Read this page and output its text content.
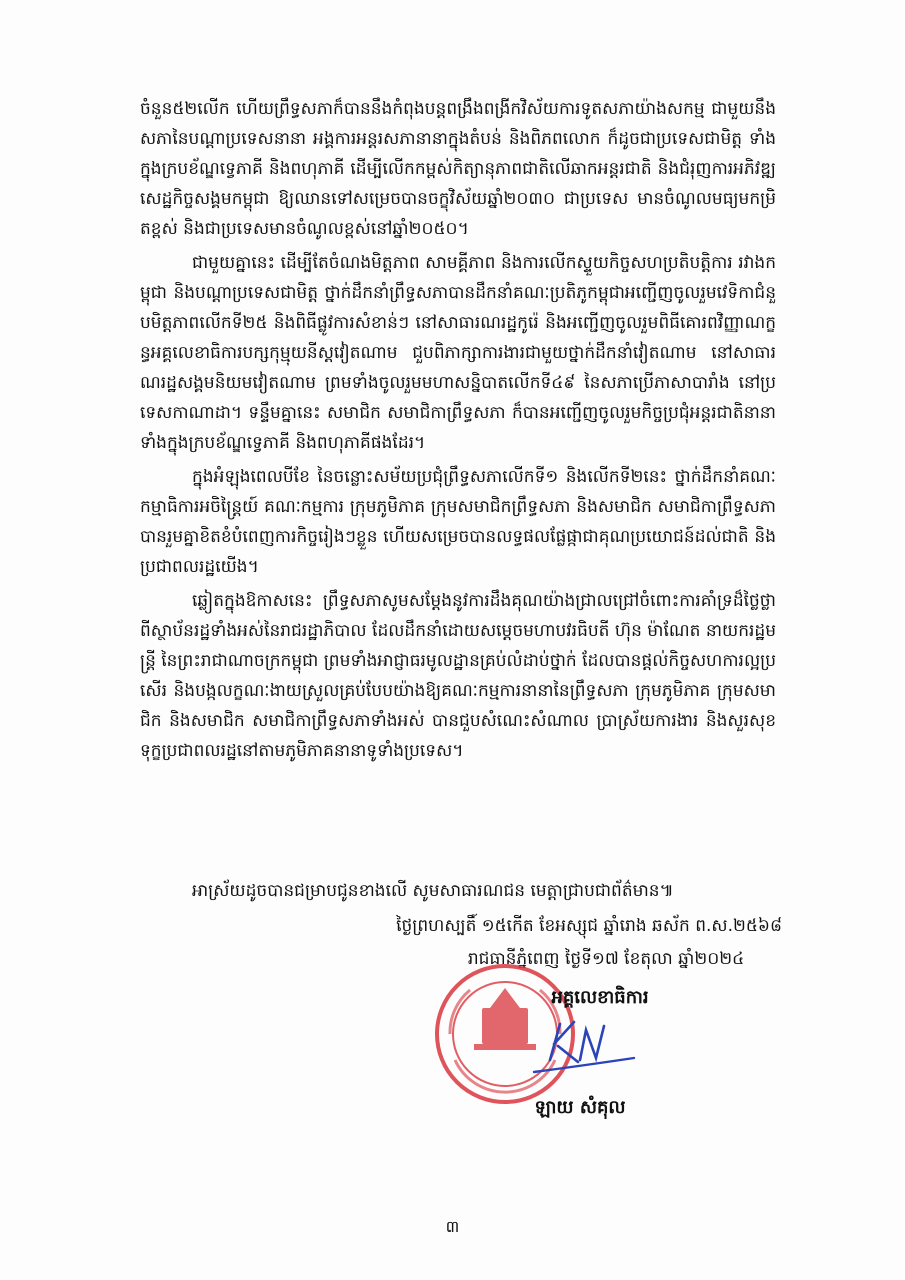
ចំនួន៥២លើក ហើយព្រឹទ្ធសភាក៏បាននឹងកំពុងបន្តពង្រឹងពង្រីកវិស័យការទូតសភាយ៉ាងសកម្ម ជាមួយនឹងសភានៃបណ្តាប្រទេសនានា អង្គការអន្តរសភានានាក្នុងតំបន់ និងពិភពលោក ក៏ដូចជាប្រទេសជាមិត្ត ទាំងក្នុងក្របខ័ណ្ឌទ្វេភាគី និងពហុភាគី ដើម្បីលើកកម្ពស់កិត្យានុភាពជាតិលើឆាកអន្តរជាតិ និងជំរុញការអភិវឌ្ឍសេដ្ឋកិច្ចសង្គមកម្ពុជា ឱ្យឈានទៅសម្រេចបានចក្ខុវិស័យឆ្នាំ២០៣០ ជាប្រទេស មានចំណូលមធ្យមកម្រិតខ្ពស់ និងជាប្រទេសមានចំណូលខ្ពស់នៅឆ្នាំ២០៥០។

ជាមួយគ្នានេះ ដើម្បីតែចំណងមិត្តភាព សាមគ្គីភាព និងការលើកស្ទួយកិច្ចសហប្រតិបត្តិការ រវាងកម្ពុជា និងបណ្តាប្រទេសជាមិត្ត ថ្នាក់ដឹកនាំព្រឹទ្ធសភាបានដឹកនាំគណៈប្រតិភូកម្ពុជាអញ្ជើញចូលរួមវេទិកាជំនួបមិត្តភាពលើកទី២៥ និងពិធីផ្លូវការសំខាន់ៗ នៅសាធារណរដ្ឋកូរ៉េ និងអញ្ជើញចូលរួមពិធីគោរពវិញ្ញាណក្ខន្ធអគ្គលេខាធិការបក្សកុម្មុយនីស្តវៀតណាម ជួបពិភាក្សាការងារជាមួយថ្នាក់ដឹកនាំវៀតណាម នៅសាធារណរដ្ឋសង្គមនិយមវៀតណាម ព្រមទាំងចូលរួមមហាសន្និបាតលើកទី៤៩ នៃសភាប្រើភាសាបារាំង នៅប្រទេសកាណាដា។ ទន្ទឹមគ្នានេះ សមាជិក សមាជិកាព្រឹទ្ធសភា ក៏បានអញ្ជើញចូលរួមកិច្ចប្រជុំអន្តរជាតិនានា ទាំងក្នុងក្របខ័ណ្ឌទ្វេភាគី និងពហុភាគីផងដែរ។

ក្នុងអំឡុងពេលបីខែ នៃចន្លោះសម័យប្រជុំព្រឹទ្ធសភាលើកទី១ និងលើកទី២នេះ ថ្នាក់ដឹកនាំគណៈកម្មាធិការអចិន្ត្រៃយ៍ គណៈកម្មការ ក្រុមភូមិភាគ ក្រុមសមាជិកព្រឹទ្ធសភា និងសមាជិក សមាជិកាព្រឹទ្ធសភា បានរួមគ្នាខិតខំបំពេញការកិច្ចរៀងៗខ្លួន ហើយសម្រេចបានលទ្ធផលផ្លែផ្កាជាគុណប្រយោជន៍ដល់ជាតិ និងប្រជាពលរដ្ឋយើង។

ឆ្លៀតក្នុងឱកាសនេះ ព្រឹទ្ធសភាសូមសម្តែងនូវការដឹងគុណយ៉ាងជ្រាលជ្រៅចំពោះការគាំទ្រដ៏ថ្លៃថ្លាពីស្ថាប័នរដ្ឋទាំងអស់នៃរាជរដ្ឋាភិបាល ដែលដឹកនាំដោយសម្តេចមហាបវរធិបតី ហ៊ុន ម៉ាណែត នាយករដ្ឋមន្ត្រី នៃព្រះរាជាណាចក្រកម្ពុជា ព្រមទាំងអាជ្ញាធរមូលដ្ឋានគ្រប់លំដាប់ថ្នាក់ ដែលបានផ្តល់កិច្ចសហការល្អប្រសើរ និងបង្កលក្ខណៈងាយស្រួលគ្រប់បែបយ៉ាងឱ្យគណៈកម្មការនានានៃព្រឹទ្ធសភា ក្រុមភូមិភាគ ក្រុមសមាជិក និងសមាជិក សមាជិកាព្រឹទ្ធសភាទាំងអស់ បានជួបសំណេះសំណាល ប្រាស្រ័យការងារ និងសួរសុខទុក្ខប្រជាពលរដ្ឋនៅតាមភូមិភាគនានាទូទាំងប្រទេស។

អាស្រ័យដូចបានជម្រាបជូនខាងលើ សូមសាធារណជន មេត្តាជ្រាបជាព័ត៌មាន៕
ថ្ងៃព្រហស្បតិ៍ ១៥កើត ខែអស្សុជ ឆ្នាំរោង ឆស័ក ព.ស.២៥៦៨
រាជធានីភ្នំពេញ ថ្ងៃទី១៧ ខែតុលា ឆ្នាំ២០២៤
អគ្គលេខាធិការ
ឡាយ សំគុល
៣
